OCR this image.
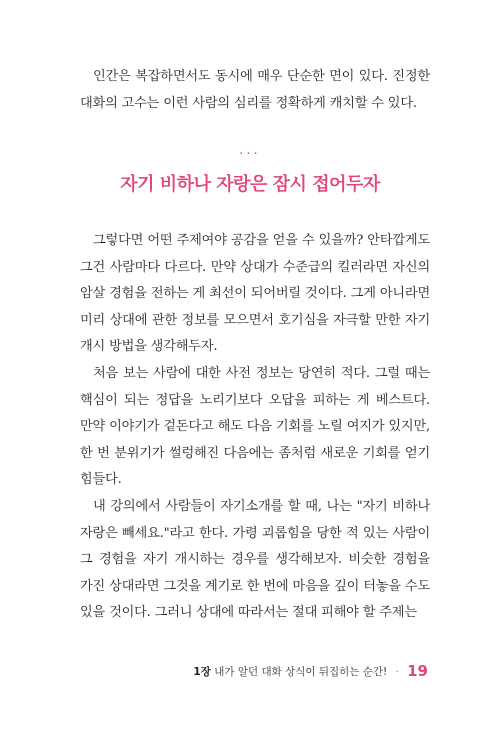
인간은 복잡하면서도 동시에 매우 단순한 면이 있다. 진정한 대화의 고수는 이런 사람의 심리를 정확하게 캐치할 수 있다.

···
자기 비하나 자랑은 잠시 접어두자

그렇다면 어떤 주제여야 공감을 얻을 수 있을까? 안타깝게도 그건 사람마다 다르다. 만약 상대가 수준급의 킬러라면 자신의 암살 경험을 전하는 게 최선이 되어버릴 것이다. 그게 아니라면 미리 상대에 관한 정보를 모으면서 호기심을 자극할 만한 자기 개시 방법을 생각해두자.

처음 보는 사람에 대한 사전 정보는 당연히 적다. 그럴 때는 핵심이 되는 정답을 노리기보다 오답을 피하는 게 베스트다. 만약 이야기가 겉돈다고 해도 다음 기회를 노릴 여지가 있지만, 한 번 분위기가 썰렁해진 다음에는 좀처럼 새로운 기회를 얻기 힘들다.

내 강의에서 사람들이 자기소개를 할 때, 나는 "자기 비하나 자랑은 빼세요."라고 한다. 가령 괴롭힘을 당한 적 있는 사람이 그 경험을 자기 개시하는 경우를 생각해보자. 비슷한 경험을 가진 상대라면 그것을 계기로 한 번에 마음을 깊이 터놓을 수도 있을 것이다. 그러니 상대에 따라서는 절대 피해야 할 주제는

1장 내가 알던 대화 상식이 뒤집히는 순간! · 19
